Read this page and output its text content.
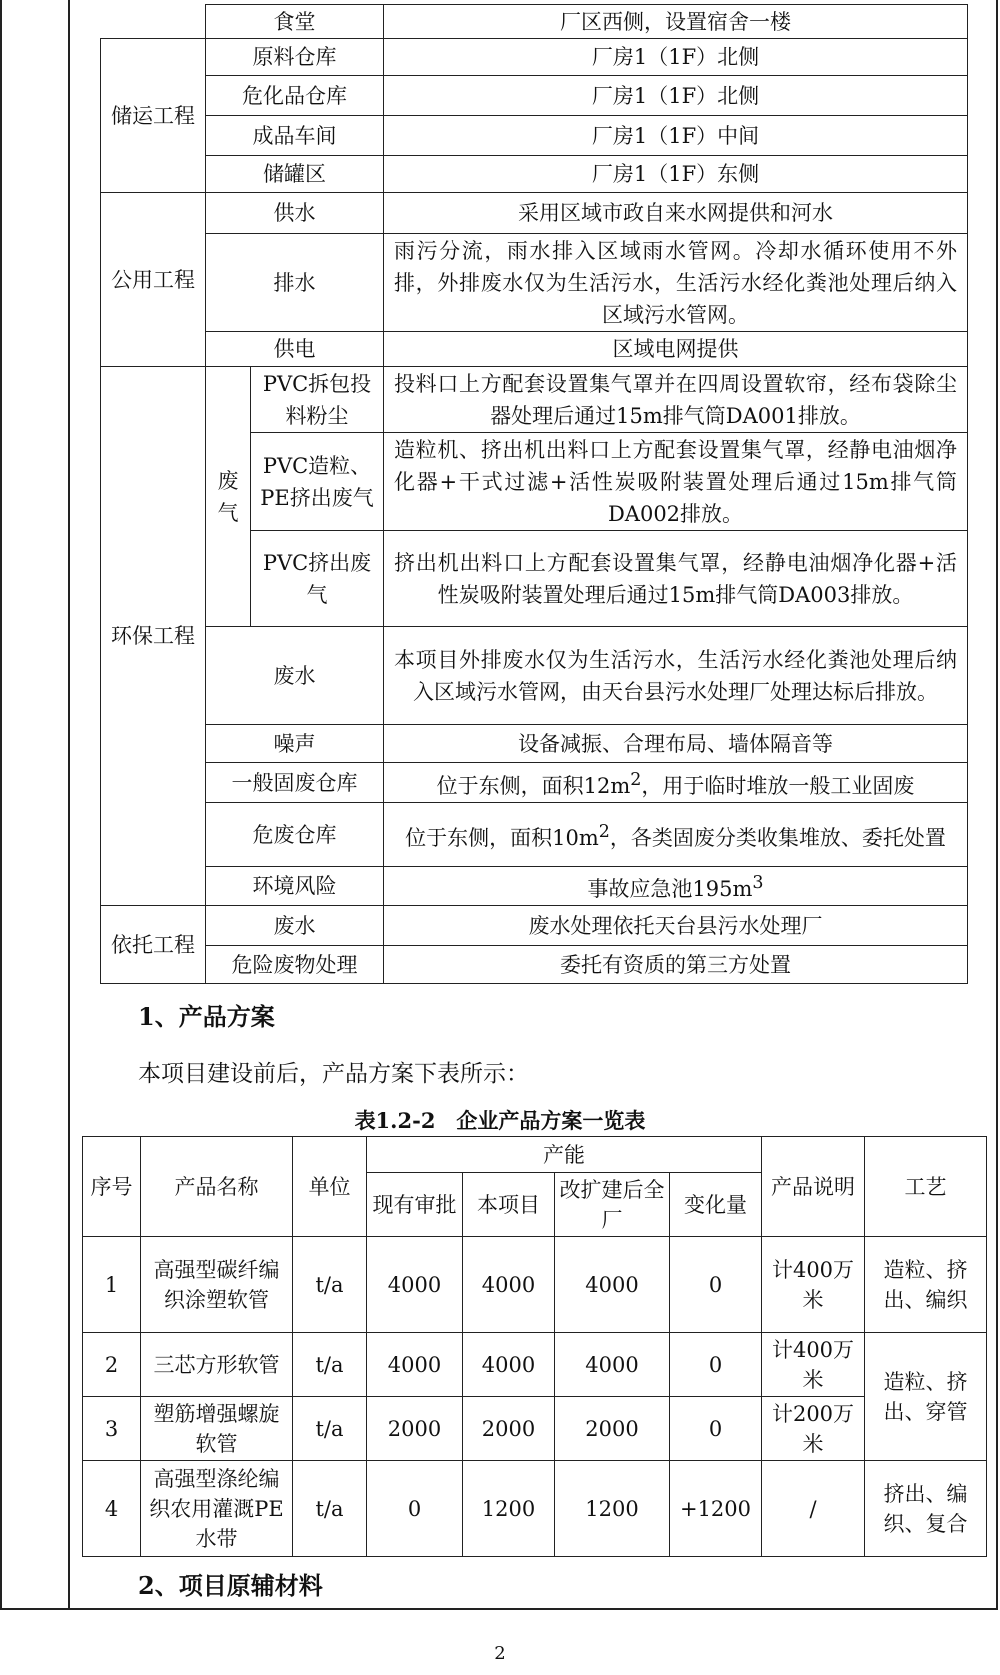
	食堂		厂区西侧，设置宿舍一楼
储运工程	原料仓库		厂房1（1F）北侧
	危化品仓库		厂房1（1F）北侧
	成品车间		厂房1（1F）中间
	储罐区		厂房1（1F）东侧
公用工程	供水		采用区域市政自来水网提供和河水
	排水		雨污分流，雨水排入区域雨水管网。冷却水循环使用不外排，外排废水仅为生活污水，生活污水经化粪池处理后纳入区域污水管网。
	供电		区域电网提供
环保工程	废气	PVC拆包投料粉尘	投料口上方配套设置集气罩并在四周设置软帘，经布袋除尘器处理后通过15m排气筒DA001排放。
		PVC造粒、PE挤出废气	造粒机、挤出机出料口上方配套设置集气罩，经静电油烟净化器+干式过滤+活性炭吸附装置处理后通过15m排气筒DA002排放。
		PVC挤出废气	挤出机出料口上方配套设置集气罩，经静电油烟净化器+活性炭吸附装置处理后通过15m排气筒DA003排放。
	废水		本项目外排废水仅为生活污水，生活污水经化粪池处理后纳入区域污水管网，由天台县污水处理厂处理达标后排放。
	噪声		设备减振、合理布局、墙体隔音等
	一般固废仓库		位于东侧，面积$12m^2$，用于临时堆放一般工业固废
	危废仓库		位于东侧，面积$10m^2$，各类固废分类收集堆放、委托处置
	环境风险		事故应急池$195m^3$
依托工程	废水		废水处理依托天台县污水处理厂
	危险废物处理		委托有资质的第三方处置
1、产品方案
本项目建设前后，产品方案下表所示：
表1.2-2　企业产品方案一览表
序号	产品名称	单位	产能				产品说明	工艺
			现有审批	本项目	改扩建后全厂	变化量		
1	高强型碳纤编织涂塑软管	t/a	4000	4000	4000	0	计400万米	造粒、挤出、编织
2	三芯方形软管	t/a	4000	4000	4000	0	计400万米	造粒、挤出、穿管
3	塑筋增强螺旋软管	t/a	2000	2000	2000	0	计200万米	
4	高强型涤纶编织农用灌溉PE水带	t/a	0	1200	1200	+1200	/	挤出、编织、复合
2、项目原辅材料
2
